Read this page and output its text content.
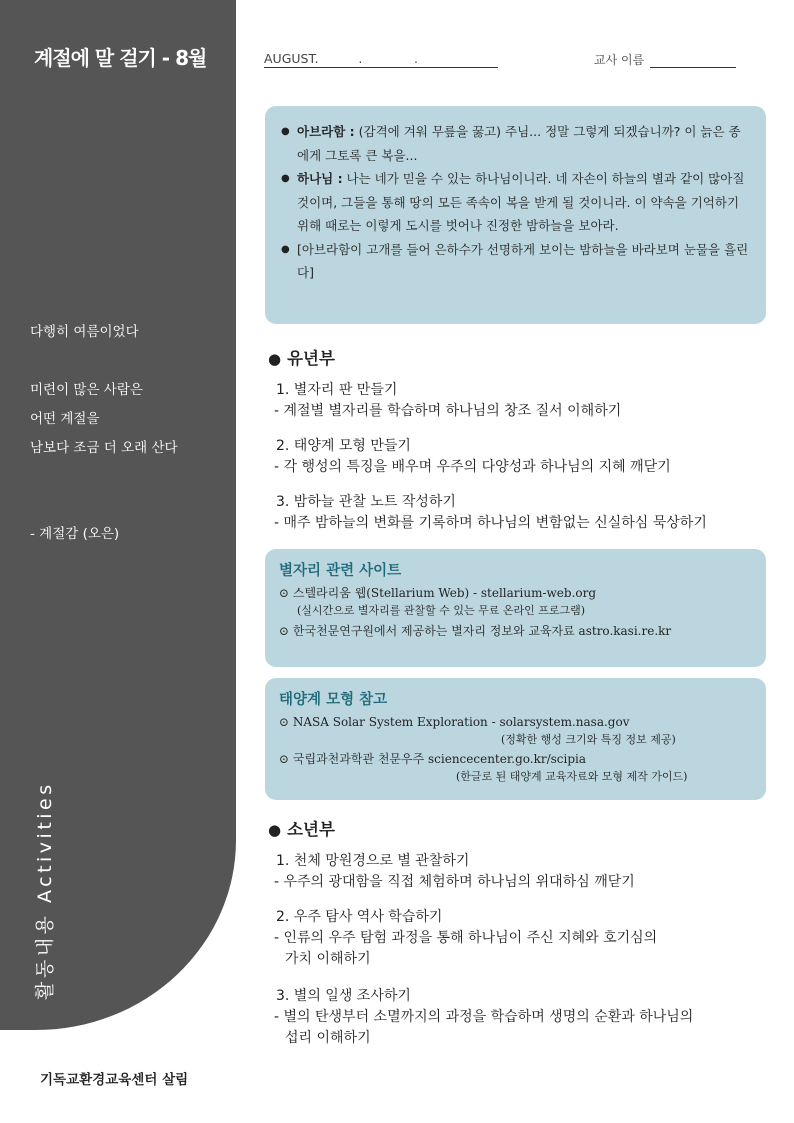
계절에 말 걸기 - 8월
다행히 여름이었다
미련이 많은 사람은
어떤 계절을
남보다 조금 더 오래 산다
- 계절감 (오은)
활동내용 Activities
기독교환경교육센터 살림
AUGUST.          .             .	교사 이름
● 아브라함 : (감격에 겨워 무릎을 꿇고) 주님... 정말 그렇게 되겠습니까? 이 늙은 종에게 그토록 큰 복을...
● 하나님 : 나는 네가 믿을 수 있는 하나님이니라. 네 자손이 하늘의 별과 같이 많아질 것이며, 그들을 통해 땅의 모든 족속이 복을 받게 될 것이니라. 이 약속을 기억하기 위해 때로는 이렇게 도시를 벗어나 진정한 밤하늘을 보아라.
● [아브라함이 고개를 들어 은하수가 선명하게 보이는 밤하늘을 바라보며 눈물을 흘린다]
● 유년부
1. 별자리 판 만들기
- 계절별 별자리를 학습하며 하나님의 창조 질서 이해하기
2. 태양계 모형 만들기
- 각 행성의 특징을 배우며 우주의 다양성과 하나님의 지혜 깨닫기
3. 밤하늘 관찰 노트 작성하기
- 매주 밤하늘의 변화를 기록하며 하나님의 변함없는 신실하심 묵상하기
별자리 관련 사이트
⊙ 스텔라리움 웹(Stellarium Web) - stellarium-web.org
(실시간으로 별자리를 관찰할 수 있는 무료 온라인 프로그램)
⊙ 한국천문연구원에서 제공하는 별자리 정보와 교육자료 astro.kasi.re.kr
태양계 모형 참고
⊙ NASA Solar System Exploration - solarsystem.nasa.gov
(정확한 행성 크기와 특징 정보 제공)
⊙ 국립과천과학관 천문우주 sciencecenter.go.kr/scipia
(한글로 된 태양계 교육자료와 모형 제작 가이드)
● 소년부
1. 천체 망원경으로 별 관찰하기
- 우주의 광대함을 직접 체험하며 하나님의 위대하심 깨닫기
2. 우주 탐사 역사 학습하기
- 인류의 우주 탐험 과정을 통해 하나님이 주신 지혜와 호기심의
가치 이해하기
3. 별의 일생 조사하기
- 별의 탄생부터 소멸까지의 과정을 학습하며 생명의 순환과 하나님의
섭리 이해하기
